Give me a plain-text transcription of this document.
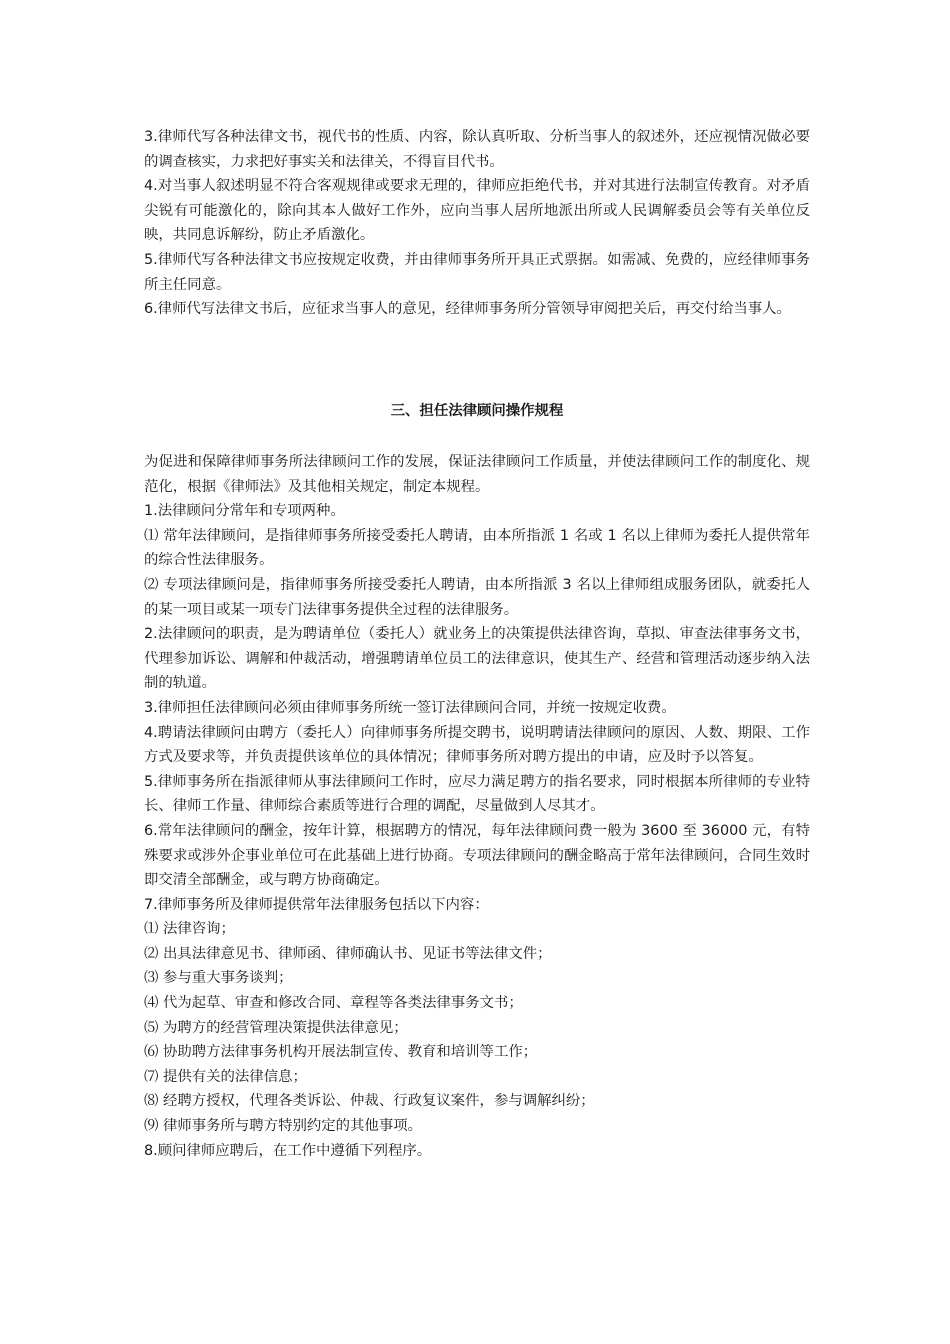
3.律师代写各种法律文书，视代书的性质、内容，除认真听取、分析当事人的叙述外，还应视情况做必要的调查核实，力求把好事实关和法律关，不得盲目代书。

4.对当事人叙述明显不符合客观规律或要求无理的，律师应拒绝代书，并对其进行法制宣传教育。对矛盾尖锐有可能激化的，除向其本人做好工作外，应向当事人居所地派出所或人民调解委员会等有关单位反映，共同息诉解纷，防止矛盾激化。

5.律师代写各种法律文书应按规定收费，并由律师事务所开具正式票据。如需减、免费的，应经律师事务所主任同意。

6.律师代写法律文书后，应征求当事人的意见，经律师事务所分管领导审阅把关后，再交付给当事人。

三、担任法律顾问操作规程

为促进和保障律师事务所法律顾问工作的发展，保证法律顾问工作质量，并使法律顾问工作的制度化、规范化，根据《律师法》及其他相关规定，制定本规程。

1.法律顾问分常年和专项两种。

⑴ 常年法律顾问，是指律师事务所接受委托人聘请，由本所指派 1 名或 1 名以上律师为委托人提供常年的综合性法律服务。

⑵ 专项法律顾问是，指律师事务所接受委托人聘请，由本所指派 3 名以上律师组成服务团队，就委托人的某一项目或某一项专门法律事务提供全过程的法律服务。

2.法律顾问的职责，是为聘请单位（委托人）就业务上的决策提供法律咨询，草拟、审查法律事务文书，代理参加诉讼、调解和仲裁活动，增强聘请单位员工的法律意识，使其生产、经营和管理活动逐步纳入法制的轨道。

3.律师担任法律顾问必须由律师事务所统一签订法律顾问合同，并统一按规定收费。

4.聘请法律顾问由聘方（委托人）向律师事务所提交聘书，说明聘请法律顾问的原因、人数、期限、工作方式及要求等，并负责提供该单位的具体情况；律师事务所对聘方提出的申请，应及时予以答复。

5.律师事务所在指派律师从事法律顾问工作时，应尽力满足聘方的指名要求，同时根据本所律师的专业特长、律师工作量、律师综合素质等进行合理的调配，尽量做到人尽其才。

6.常年法律顾问的酬金，按年计算，根据聘方的情况，每年法律顾问费一般为 3600 至 36000 元，有特殊要求或涉外企事业单位可在此基础上进行协商。专项法律顾问的酬金略高于常年法律顾问，合同生效时即交清全部酬金，或与聘方协商确定。

7.律师事务所及律师提供常年法律服务包括以下内容：

⑴ 法律咨询；

⑵ 出具法律意见书、律师函、律师确认书、见证书等法律文件；

⑶ 参与重大事务谈判；

⑷ 代为起草、审查和修改合同、章程等各类法律事务文书；

⑸ 为聘方的经营管理决策提供法律意见；

⑹ 协助聘方法律事务机构开展法制宣传、教育和培训等工作；

⑺ 提供有关的法律信息；

⑻ 经聘方授权，代理各类诉讼、仲裁、行政复议案件，参与调解纠纷；

⑼ 律师事务所与聘方特别约定的其他事项。

8.顾问律师应聘后，在工作中遵循下列程序。
